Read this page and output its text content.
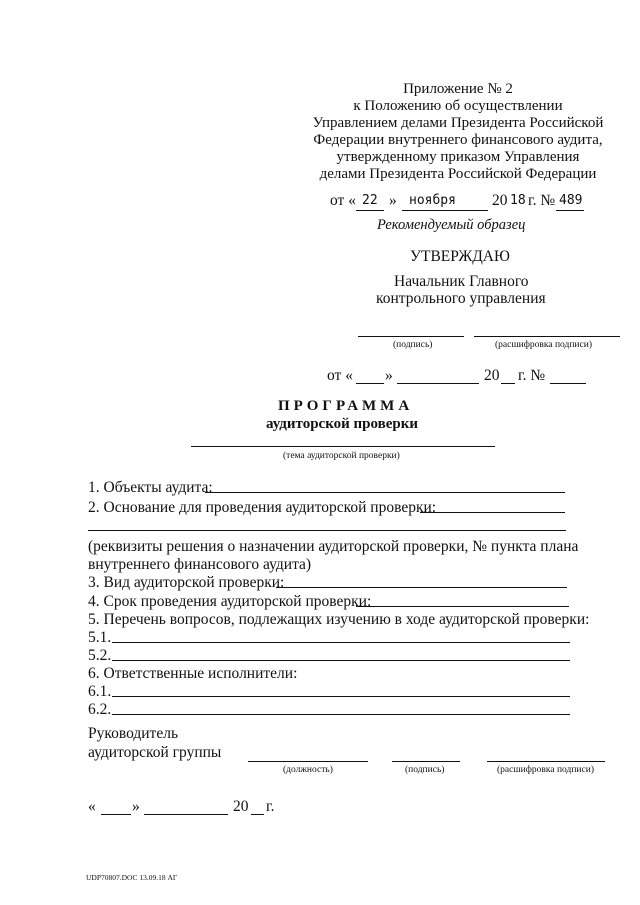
Приложение № 2
к Положению об осуществлении
Управлением делами Президента Российской
Федерации внутреннего финансового аудита,
утвержденному приказом Управления
делами Президента Российской Федерации
от « 22 » ноября 20 18 г. № 489
Рекомендуемый образец
УТВЕРЖДАЮ
Начальник Главного
контрольного управления
(подпись)	(расшифровка подписи)
от « »	20 г. №
ПРОГРАММА
аудиторской проверки
(тема аудиторской проверки)
1. Объекты аудита:
2. Основание для проведения аудиторской проверки:
(реквизиты решения о назначении аудиторской проверки, № пункта плана
внутреннего финансового аудита)
3. Вид аудиторской проверки:
4. Срок проведения аудиторской проверки:
5. Перечень вопросов, подлежащих изучению в ходе аудиторской проверки:
5.1.
5.2.
6. Ответственные исполнители:
6.1.
6.2.
Руководитель
аудиторской группы
(должность)	(подпись)	(расшифровка подписи)
« »	20 г.
UDP70807.DOC 13.09.18 АГ
